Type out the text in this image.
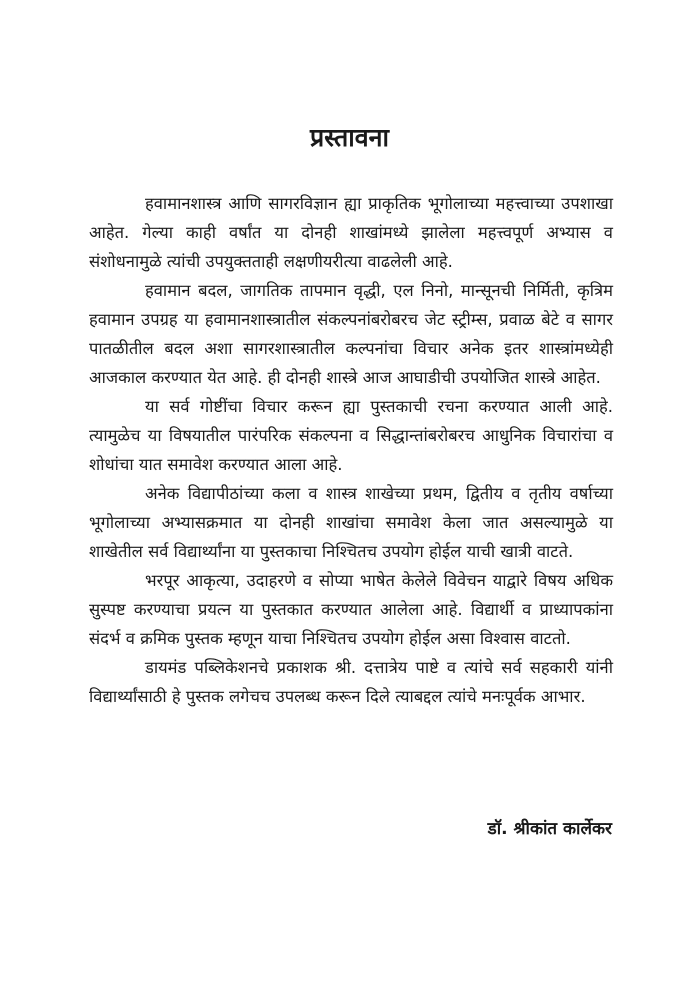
प्रस्तावना

हवामानशास्त्र आणि सागरविज्ञान ह्या प्राकृतिक भूगोलाच्या महत्त्वाच्या उपशाखा आहेत. गेल्या काही वर्षांत या दोनही शाखांमध्ये झालेला महत्त्वपूर्ण अभ्यास व संशोधनामुळे त्यांची उपयुक्तताही लक्षणीयरीत्या वाढलेली आहे.

हवामान बदल, जागतिक तापमान वृद्धी, एल निनो, मान्सूनची निर्मिती, कृत्रिम हवामान उपग्रह या हवामानशास्त्रातील संकल्पनांबरोबरच जेट स्ट्रीम्स, प्रवाळ बेटे व सागर पातळीतील बदल अशा सागरशास्त्रातील कल्पनांचा विचार अनेक इतर शास्त्रांमध्येही आजकाल करण्यात येत आहे. ही दोनही शास्त्रे आज आघाडीची उपयोजित शास्त्रे आहेत.

या सर्व गोष्टींचा विचार करून ह्या पुस्तकाची रचना करण्यात आली आहे. त्यामुळेच या विषयातील पारंपरिक संकल्पना व सिद्धान्तांबरोबरच आधुनिक विचारांचा व शोधांचा यात समावेश करण्यात आला आहे.

अनेक विद्यापीठांच्या कला व शास्त्र शाखेच्या प्रथम, द्वितीय व तृतीय वर्षाच्या भूगोलाच्या अभ्यासक्रमात या दोनही शाखांचा समावेश केला जात असल्यामुळे या शाखेतील सर्व विद्यार्थ्यांना या पुस्तकाचा निश्चितच उपयोग होईल याची खात्री वाटते.

भरपूर आकृत्या, उदाहरणे व सोप्या भाषेत केलेले विवेचन याद्वारे विषय अधिक सुस्पष्ट करण्याचा प्रयत्न या पुस्तकात करण्यात आलेला आहे. विद्यार्थी व प्राध्यापकांना संदर्भ व क्रमिक पुस्तक म्हणून याचा निश्चितच उपयोग होईल असा विश्वास वाटतो.

डायमंड पब्लिकेशनचे प्रकाशक श्री. दत्तात्रेय पाष्टे व त्यांचे सर्व सहकारी यांनी विद्यार्थ्यांसाठी हे पुस्तक लगेचच उपलब्ध करून दिले त्याबद्दल त्यांचे मनःपूर्वक आभार.

डॉ. श्रीकांत कार्लेकर
